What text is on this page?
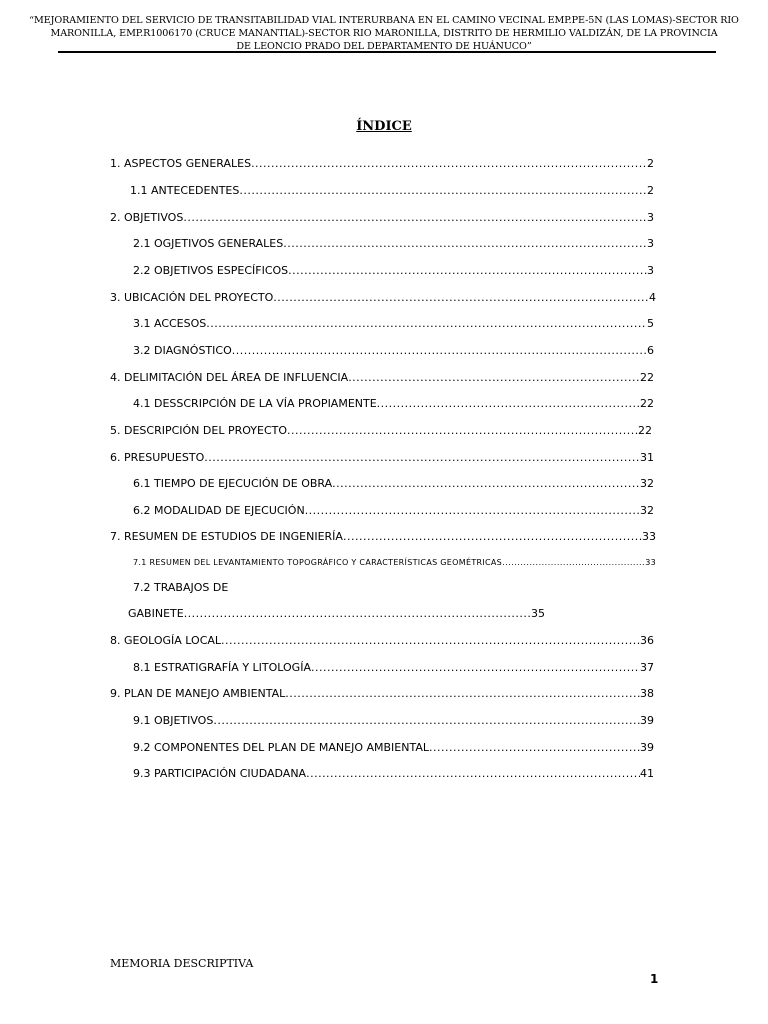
“MEJORAMIENTO DEL SERVICIO DE TRANSITABILIDAD VIAL INTERURBANA EN EL CAMINO VECINAL EMP.PE-5N (LAS LOMAS)-SECTOR RIO
MARONILLA, EMP.R1006170 (CRUCE MANANTIAL)-SECTOR RIO MARONILLA, DISTRITO DE HERMILIO VALDIZÁN, DE LA PROVINCIA
DE LEONCIO PRADO DEL DEPARTAMENTO DE HUÁNUCO”
ÍNDICE
1. ASPECTOS GENERALES .....	2
1.1 ANTECEDENTES .....	2
2. OBJETIVOS .....	3
2.1 OGJETIVOS GENERALES .....	3
2.2 OBJETIVOS ESPECÍFICOS .....	3
3. UBICACIÓN DEL PROYECTO .....	4
3.1 ACCESOS .....	5
3.2 DIAGNÓSTICO .....	6
4. DELIMITACIÓN DEL ÁREA DE INFLUENCIA .....	22
4.1 DESSCRIPCIÓN DE LA VÍA PROPIAMENTE .....	22
5. DESCRIPCIÓN DEL PROYECTO .....	22
6. PRESUPUESTO .....	31
6.1 TIEMPO DE EJECUCIÓN DE OBRA .....	32
6.2 MODALIDAD DE EJECUCIÓN .....	32
7. RESUMEN DE ESTUDIOS DE INGENIERÍA .....	33
7.1 RESUMEN DEL LEVANTAMIENTO TOPOGRÁFICO Y CARACTERÍSTICAS GEOMÉTRICAS .....	33
7.2 TRABAJOS DE
GABINETE .....	35
8. GEOLOGÍA LOCAL .....	36
8.1 ESTRATIGRAFÍA Y LITOLOGÍA .....	37
9. PLAN DE MANEJO AMBIENTAL .....	38
9.1 OBJETIVOS .....	39
9.2 COMPONENTES DEL PLAN DE MANEJO AMBIENTAL .....	39
9.3 PARTICIPACIÓN CIUDADANA .....	41
MEMORIA DESCRIPTIVA
1
